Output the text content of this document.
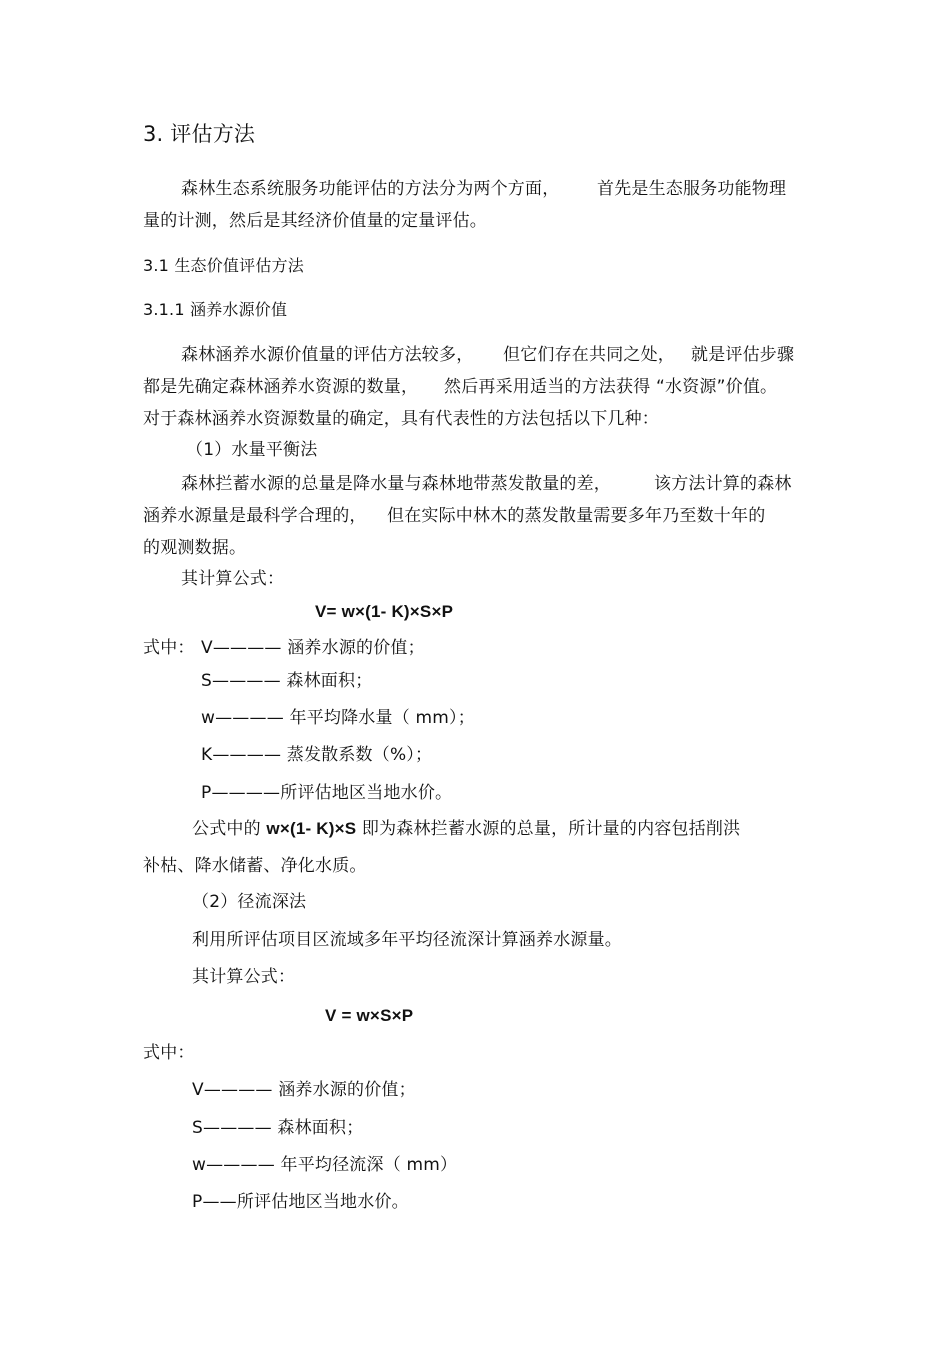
3. 评估方法
森林生态系统服务功能评估的方法分为两个方面， 首先是生态服务功能物理
量的计测，然后是其经济价值量的定量评估。
3.1 生态价值评估方法
3.1.1 涵养水源价值
森林涵养水源价值量的评估方法较多， 但它们存在共同之处， 就是评估步骤
都是先确定森林涵养水资源的数量， 然后再采用适当的方法获得 “水资源”价值。
对于森林涵养水资源数量的确定，具有代表性的方法包括以下几种：
（1）水量平衡法
森林拦蓄水源的总量是降水量与森林地带蒸发散量的差，	该方法计算的森林
涵养水源量是最科学合理的， 但在实际中林木的蒸发散量需要多年乃至数十年的
的观测数据。
其计算公式：
V= w×(1- K)×S×P
式中： V———— 涵养水源的价值；
S———— 森林面积；
w———— 年平均降水量（ mm）；
K———— 蒸发散系数（%）；
P————所评估地区当地水价。
公式中的 w×(1- K)×S 即为森林拦蓄水源的总量，所计量的内容包括削洪
补枯、降水储蓄、净化水质。
（2）径流深法
利用所评估项目区流域多年平均径流深计算涵养水源量。
其计算公式：
V = w×S×P
式中：
V———— 涵养水源的价值；
S———— 森林面积；
w———— 年平均径流深（ mm）
P——所评估地区当地水价。
